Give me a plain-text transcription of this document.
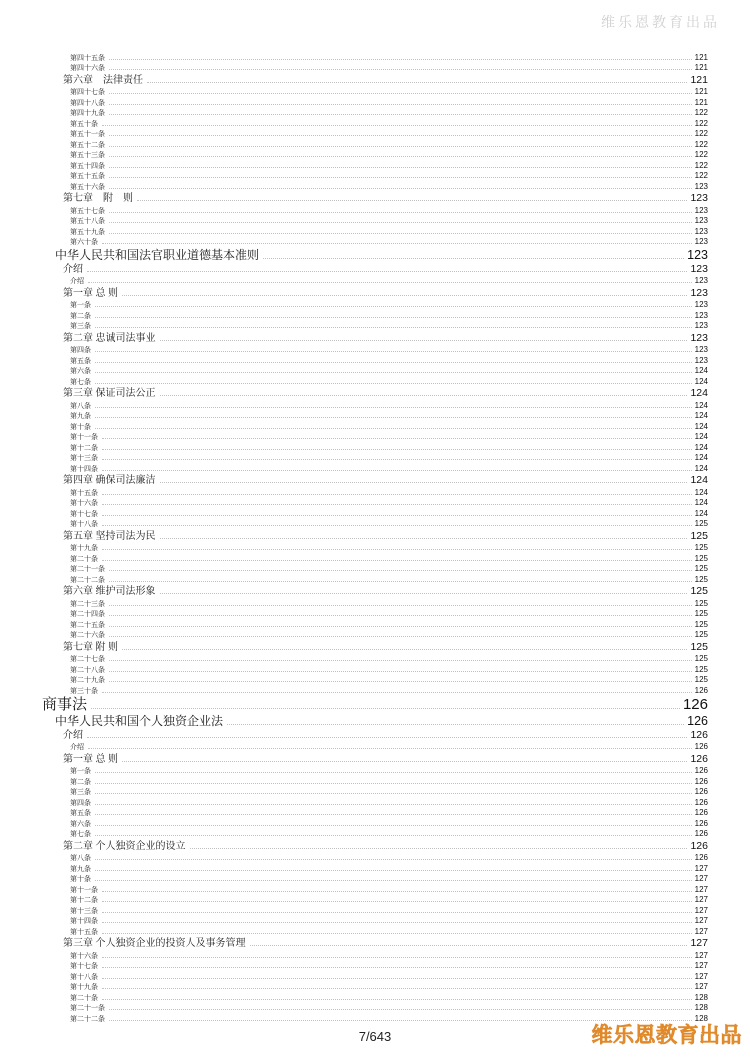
维乐恩教育出品
第四十五条	121
第四十六条	121
第六章　法律责任	121
第四十七条	121
第四十八条	121
第四十九条	122
第五十条	122
第五十一条	122
第五十二条	122
第五十三条	122
第五十四条	122
第五十五条	122
第五十六条	123
第七章　附　则	123
第五十七条	123
第五十八条	123
第五十九条	123
第六十条	123
中华人民共和国法官职业道德基本准则	123
介绍	123
介绍	123
第一章 总 则	123
第一条	123
第二条	123
第三条	123
第二章 忠诚司法事业	123
第四条	123
第五条	123
第六条	124
第七条	124
第三章 保证司法公正	124
第八条	124
第九条	124
第十条	124
第十一条	124
第十二条	124
第十三条	124
第十四条	124
第四章 确保司法廉洁	124
第十五条	124
第十六条	124
第十七条	124
第十八条	125
第五章 坚持司法为民	125
第十九条	125
第二十条	125
第二十一条	125
第二十二条	125
第六章 维护司法形象	125
第二十三条	125
第二十四条	125
第二十五条	125
第二十六条	125
第七章 附 则	125
第二十七条	125
第二十八条	125
第二十九条	125
第三十条	126
商事法	126
中华人民共和国个人独资企业法	126
介绍	126
介绍	126
第一章 总 则	126
第一条	126
第二条	126
第三条	126
第四条	126
第五条	126
第六条	126
第七条	126
第二章 个人独资企业的设立	126
第八条	126
第九条	127
第十条	127
第十一条	127
第十二条	127
第十三条	127
第十四条	127
第十五条	127
第三章 个人独资企业的投资人及事务管理	127
第十六条	127
第十七条	127
第十八条	127
第十九条	127
第二十条	128
第二十一条	128
第二十二条	128
7/643	维乐恩教育出品
